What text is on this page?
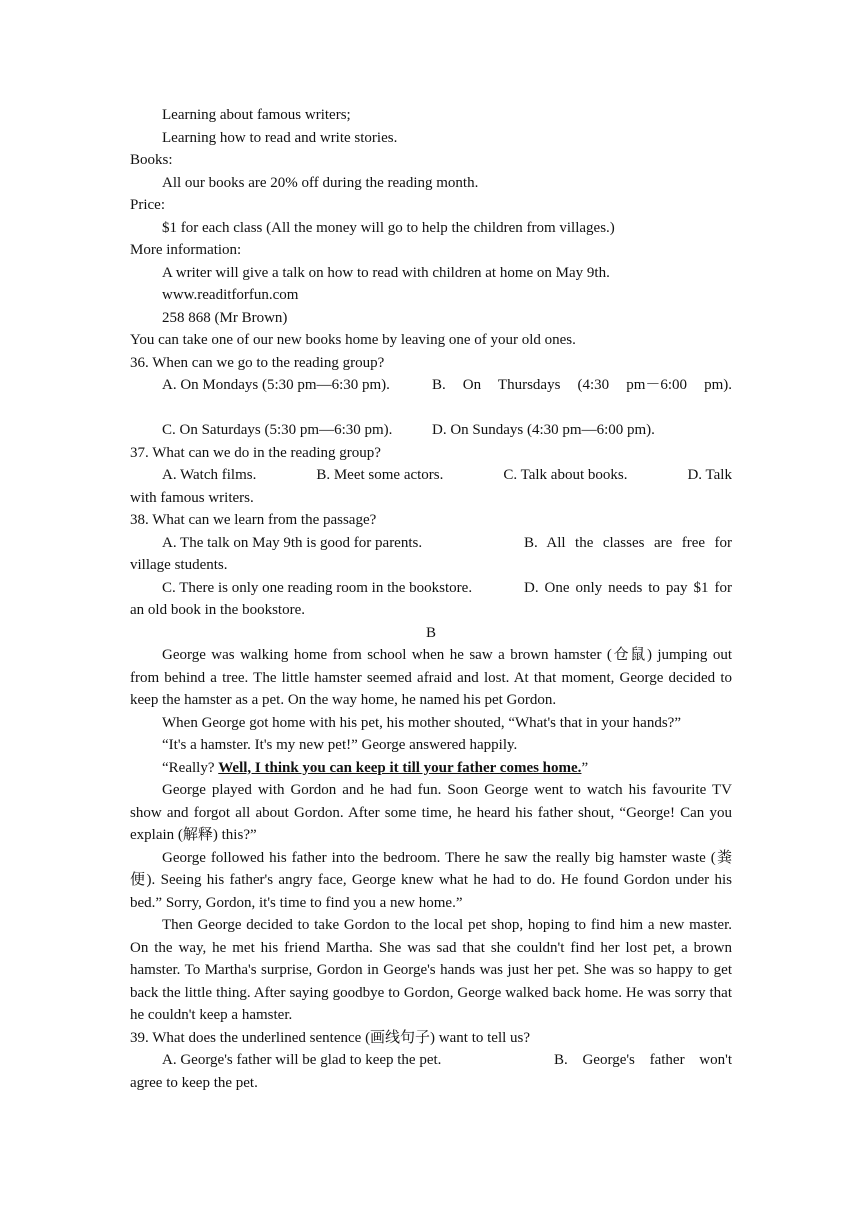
Learning about famous writers;
Learning how to read and write stories.
Books:
All our books are 20% off during the reading month.
Price:
$1 for each class (All the money will go to help the children from villages.)
More information:
A writer will give a talk on how to read with children at home on May 9th.
www.readitforfun.com
258 868 (Mr Brown)
You can take one of our new books home by leaving one of your old ones.
36. When can we go to the reading group?
A. On Mondays (5:30 pm—6:30 pm).	B. On Thursdays (4:30 pm－6:00 pm).

C. On Saturdays (5:30 pm—6:30 pm).	D. On Sundays (4:30 pm—6:00 pm).
37. What can we do in the reading group?
A. Watch films.	B. Meet some actors.	C. Talk about books.	D. Talk
with famous writers.
38. What can we learn from the passage?
A. The talk on May 9th is good for parents.	B. All the classes are free for
village students.
C. There is only one reading room in the bookstore.	D. One only needs to pay $1 for
an old book in the bookstore.
B
George was walking home from school when he saw a brown hamster (仓鼠) jumping out from behind a tree. The little hamster seemed afraid and lost. At that moment, George decided to keep the hamster as a pet. On the way home, he named his pet Gordon.
When George got home with his pet, his mother shouted, “What's that in your hands?”
“It's a hamster. It's my new pet!” George answered happily.
“Really? Well, I think you can keep it till your father comes home.”
George played with Gordon and he had fun. Soon George went to watch his favourite TV show and forgot all about Gordon. After some time, he heard his father shout, “George! Can you explain (解释) this?”
George followed his father into the bedroom. There he saw the really big hamster waste (粪便). Seeing his father's angry face, George knew what he had to do. He found Gordon under his bed.” Sorry, Gordon, it's time to find you a new home.”
Then George decided to take Gordon to the local pet shop, hoping to find him a new master. On the way, he met his friend Martha. She was sad that she couldn't find her lost pet, a brown hamster. To Martha's surprise, Gordon in George's hands was just her pet. She was so happy to get back the little thing. After saying goodbye to Gordon, George walked back home. He was sorry that he couldn't keep a hamster.
39. What does the underlined sentence (画线句子) want to tell us?
A. George's father will be glad to keep the pet.	B. George's father won't
agree to keep the pet.
